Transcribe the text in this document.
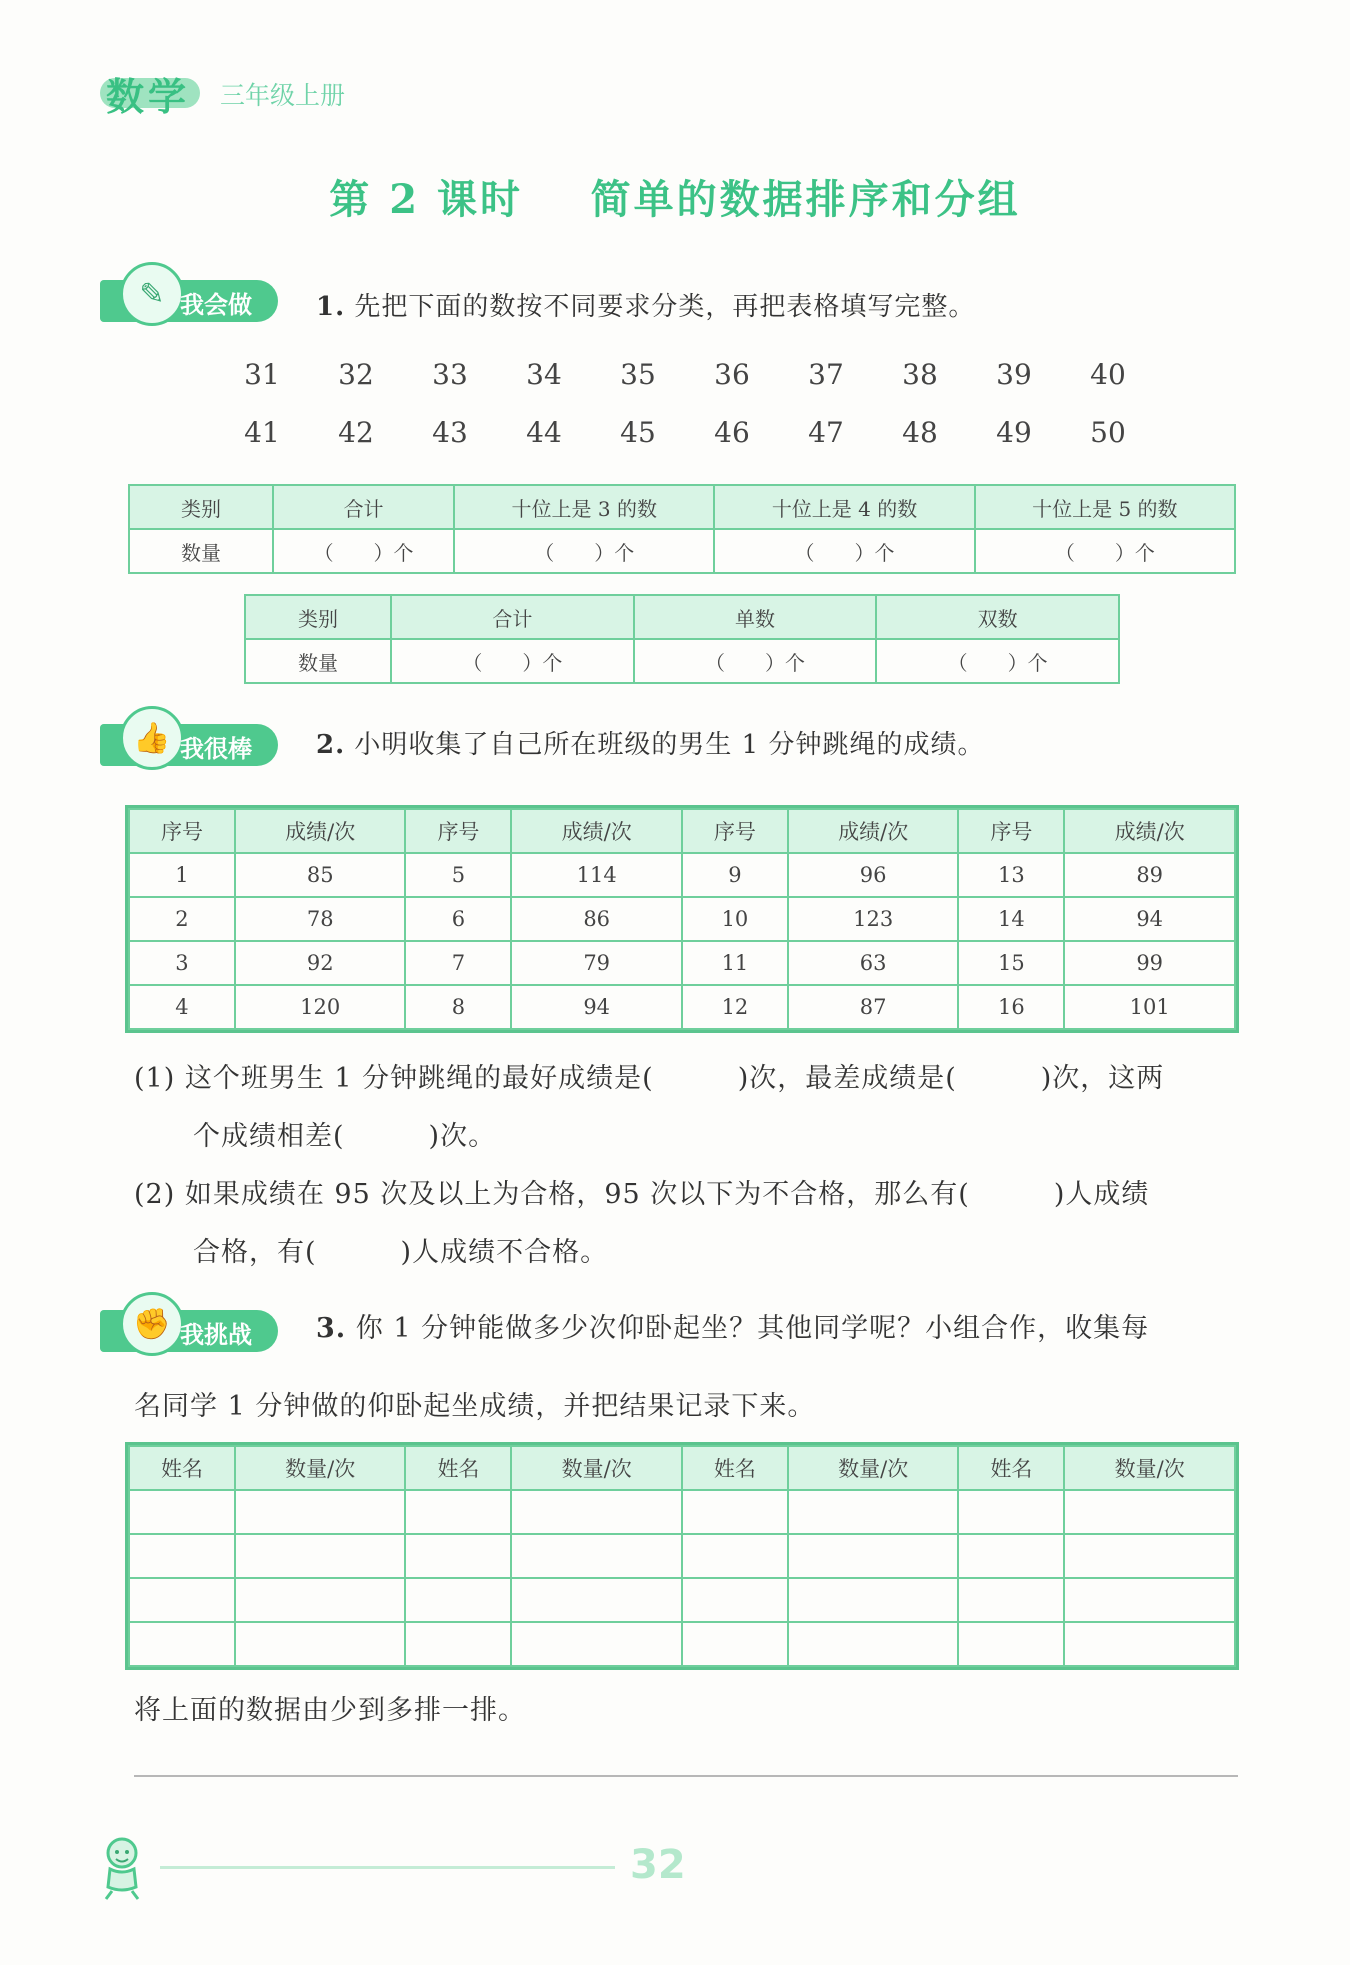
数学 三年级上册
第 2 课时    简单的数据排序和分组
✎ 我会做 1. 先把下面的数按不同要求分类，再把表格填写完整。
31	32	33	34	35	36	37	38	39	40
41	42	43	44	45	46	47	48	49	50
类别	合计	十位上是 3 的数	十位上是 4 的数	十位上是 5 的数
数量	（　　）个	（　　）个	（　　）个	（　　）个
类别	合计	单数	双数
数量	（　　）个	（　　）个	（　　）个
👍 我很棒 2. 小明收集了自己所在班级的男生 1 分钟跳绳的成绩。
序号	成绩/次	序号	成绩/次	序号	成绩/次	序号	成绩/次
1	85	5	114	9	96	13	89
2	78	6	86	10	123	14	94
3	92	7	79	11	63	15	99
4	120	8	94	12	87	16	101
(1) 这个班男生 1 分钟跳绳的最好成绩是(　　　)次，最差成绩是(　　　)次，这两
个成绩相差(　　　)次。
(2) 如果成绩在 95 次及以上为合格，95 次以下为不合格，那么有(　　　)人成绩
合格，有(　　　)人成绩不合格。
✊ 我挑战 3. 你 1 分钟能做多少次仰卧起坐？其他同学呢？小组合作，收集每
名同学 1 分钟做的仰卧起坐成绩，并把结果记录下来。
姓名	数量/次	姓名	数量/次	姓名	数量/次	姓名	数量/次

将上面的数据由少到多排一排。
32
